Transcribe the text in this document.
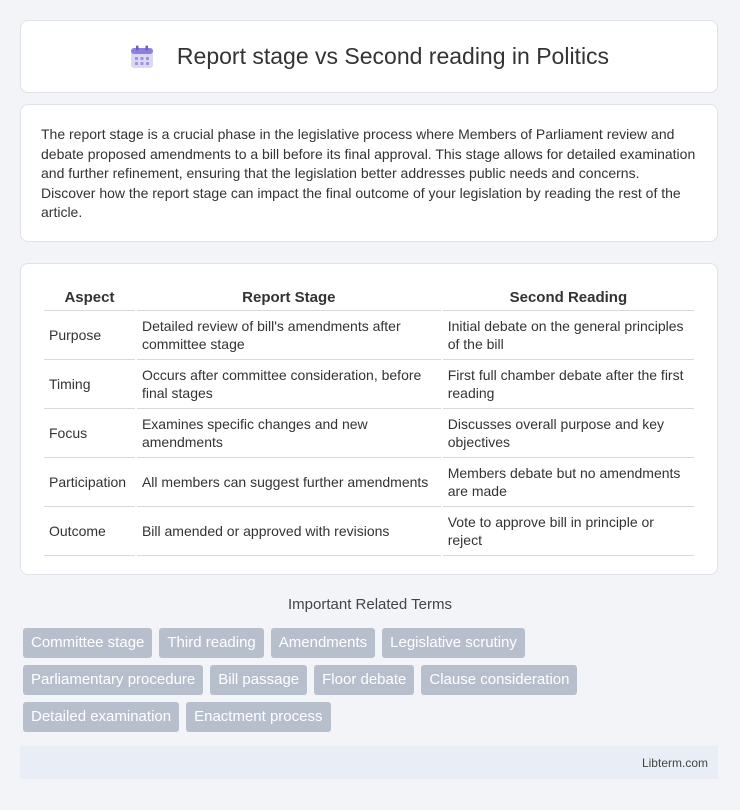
Report stage vs Second reading in Politics

The report stage is a crucial phase in the legislative process where Members of Parliament review and debate proposed amendments to a bill before its final approval. This stage allows for detailed examination and further refinement, ensuring that the legislation better addresses public needs and concerns. Discover how the report stage can impact the final outcome of your legislation by reading the rest of the article.

Aspect	Report Stage	Second Reading
Purpose	Detailed review of bill's amendments after committee stage	Initial debate on the general principles of the bill
Timing	Occurs after committee consideration, before final stages	First full chamber debate after the first reading
Focus	Examines specific changes and new amendments	Discusses overall purpose and key objectives
Participation	All members can suggest further amendments	Members debate but no amendments are made
Outcome	Bill amended or approved with revisions	Vote to approve bill in principle or reject
Important Related Terms
Committee stage	Third reading	Amendments	Legislative scrutiny
Parliamentary procedure	Bill passage	Floor debate	Clause consideration
Detailed examination	Enactment process
Libterm.com
